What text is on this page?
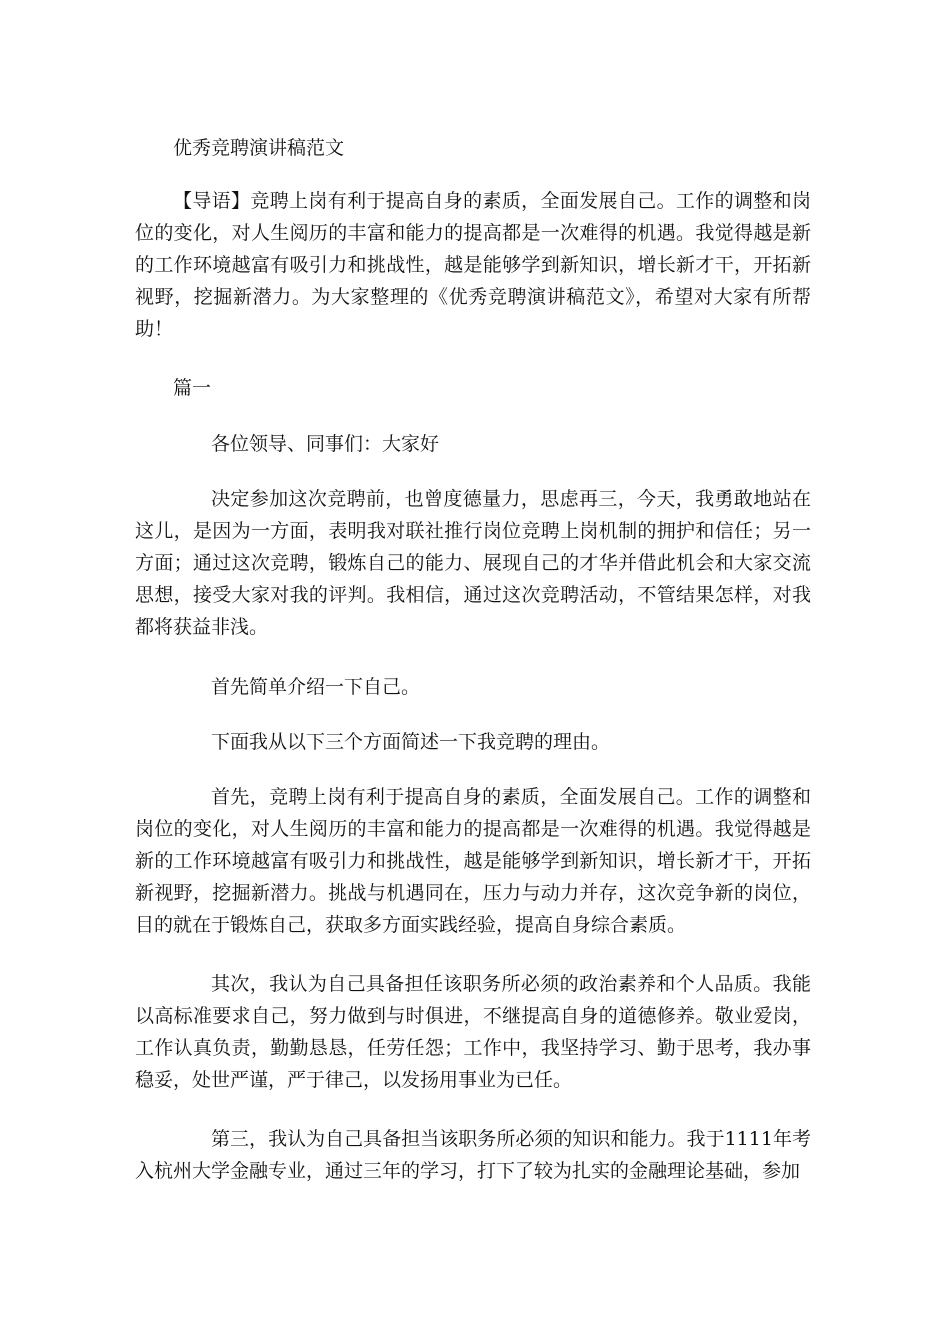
优秀竞聘演讲稿范文

【导语】竞聘上岗有利于提高自身的素质，全面发展自己。工作的调整和岗位的变化，对人生阅历的丰富和能力的提高都是一次难得的机遇。我觉得越是新的工作环境越富有吸引力和挑战性，越是能够学到新知识，增长新才干，开拓新视野，挖掘新潜力。为大家整理的《优秀竞聘演讲稿范文》，希望对大家有所帮助！

篇一

各位领导、同事们：大家好

决定参加这次竞聘前，也曾度德量力，思虑再三，今天，我勇敢地站在这儿，是因为一方面，表明我对联社推行岗位竞聘上岗机制的拥护和信任；另一方面；通过这次竞聘，锻炼自己的能力、展现自己的才华并借此机会和大家交流思想，接受大家对我的评判。我相信，通过这次竞聘活动，不管结果怎样，对我都将获益非浅。

首先简单介绍一下自己。

下面我从以下三个方面简述一下我竞聘的理由。

首先，竞聘上岗有利于提高自身的素质，全面发展自己。工作的调整和岗位的变化，对人生阅历的丰富和能力的提高都是一次难得的机遇。我觉得越是新的工作环境越富有吸引力和挑战性，越是能够学到新知识，增长新才干，开拓新视野，挖掘新潜力。挑战与机遇同在，压力与动力并存，这次竞争新的岗位，目的就在于锻炼自己，获取多方面实践经验，提高自身综合素质。

其次，我认为自己具备担任该职务所必须的政治素养和个人品质。我能以高标准要求自己，努力做到与时俱进，不继提高自身的道德修养。敬业爱岗，工作认真负责，勤勤恳恳，任劳任怨；工作中，我坚持学习、勤于思考，我办事稳妥，处世严谨，严于律己，以发扬用事业为已任。

第三，我认为自己具备担当该职务所必须的知识和能力。我于1111年考入杭州大学金融专业，通过三年的学习，打下了较为扎实的金融理论基础，参加
